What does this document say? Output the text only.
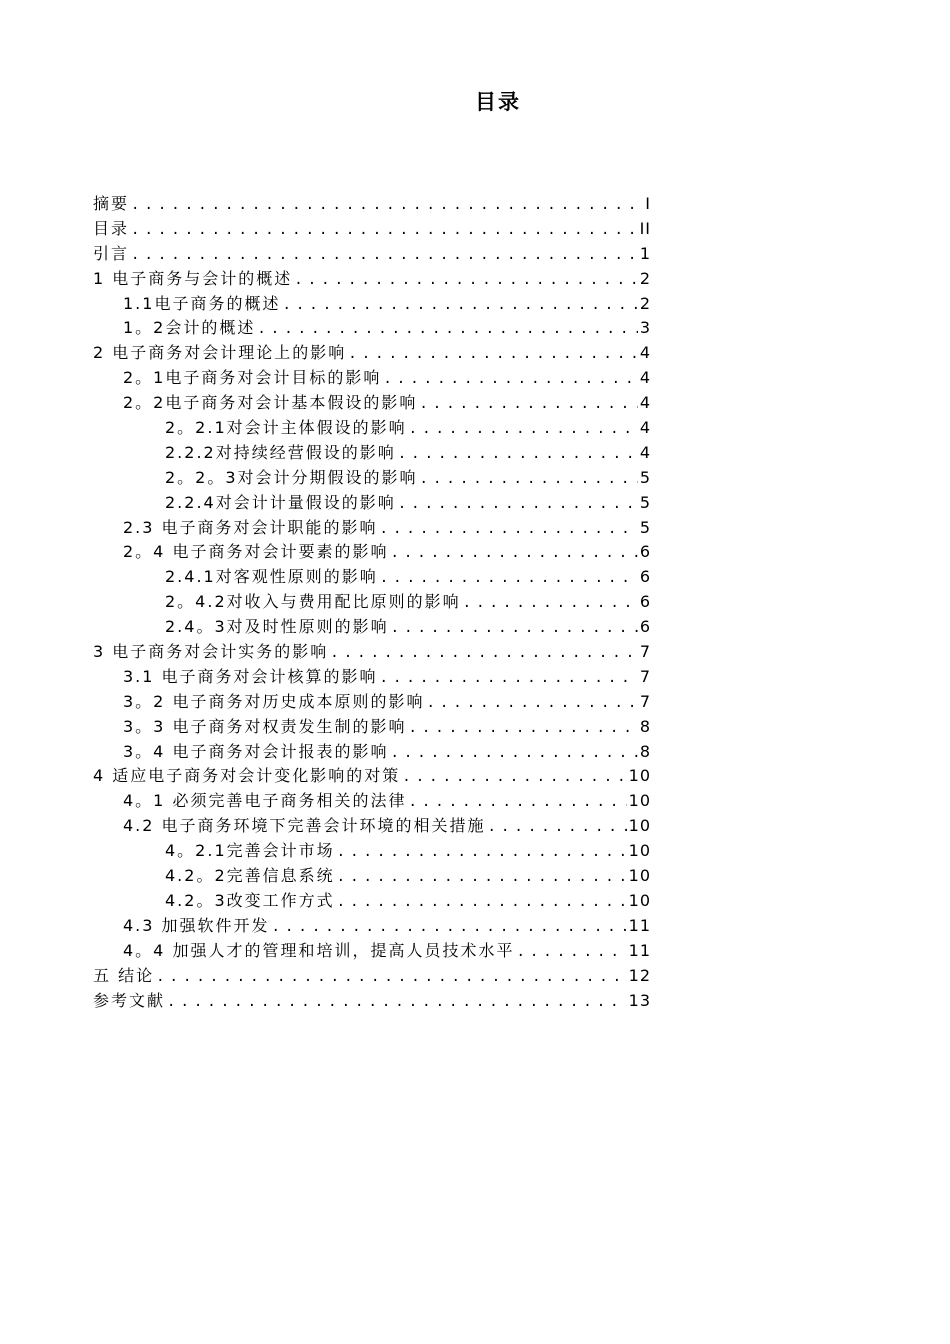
目录
摘要 .....	I
目录 .....	II
引言 .....	1
1 电子商务与会计的概述 .....	2
1.1电子商务的概述 .....	2
1。2会计的概述 .....	3
2 电子商务对会计理论上的影响 .....	4
2。1电子商务对会计目标的影响 .....	4
2。2电子商务对会计基本假设的影响 .....	4
2。2.1对会计主体假设的影响 .....	4
2.2.2对持续经营假设的影响 .....	4
2。2。3对会计分期假设的影响 .....	5
2.2.4对会计计量假设的影响 .....	5
2.3 电子商务对会计职能的影响 .....	5
2。4 电子商务对会计要素的影响 .....	6
2.4.1对客观性原则的影响 .....	6
2。4.2对收入与费用配比原则的影响 .....	6
2.4。3对及时性原则的影响 .....	6
3 电子商务对会计实务的影响 .....	7
3.1 电子商务对会计核算的影响 .....	7
3。2 电子商务对历史成本原则的影响 .....	7
3。3 电子商务对权责发生制的影响 .....	8
3。4 电子商务对会计报表的影响 .....	8
4 适应电子商务对会计变化影响的对策 .....	10
4。1 必须完善电子商务相关的法律 .....	10
4.2 电子商务环境下完善会计环境的相关措施 .....	10
4。2.1完善会计市场 .....	10
4.2。2完善信息系统 .....	10
4.2。3改变工作方式 .....	10
4.3 加强软件开发 .....	11
4。4 加强人才的管理和培训，提高人员技术水平 .....	11
五 结论 .....	12
参考文献 .....	13
